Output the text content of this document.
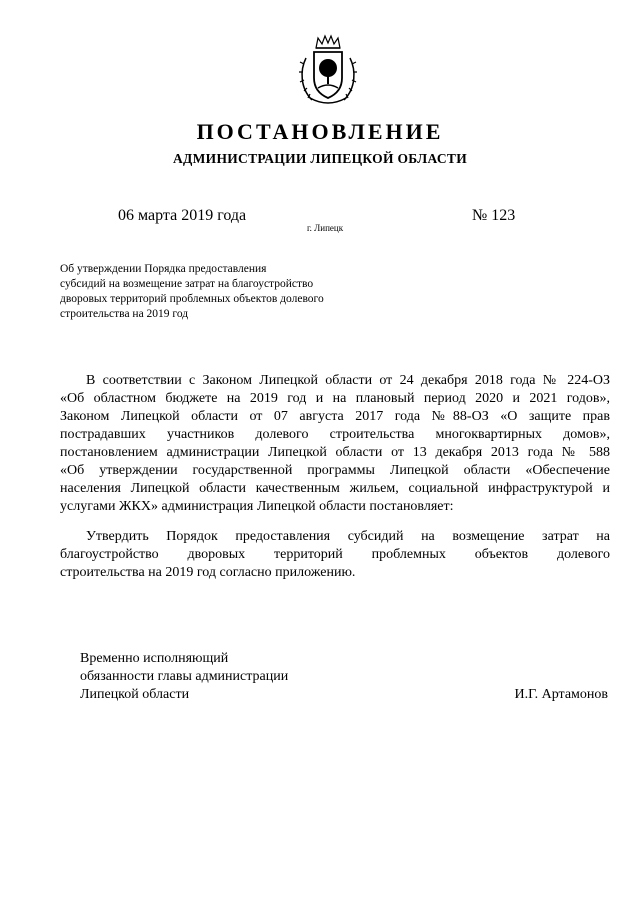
ПОСТАНОВЛЕНИЕ
АДМИНИСТРАЦИИ ЛИПЕЦКОЙ ОБЛАСТИ
06 марта 2019 года
г. Липецк
№ 123
Об утверждении Порядка предоставления
субсидий на возмещение затрат на благоустройство
дворовых территорий проблемных объектов долевого
строительства на 2019 год
В соответствии с Законом Липецкой области от 24 декабря 2018 года № 224-ОЗ
«Об областном бюджете на 2019 год и на плановый период 2020 и 2021 годов»,
Законом Липецкой области от 07 августа 2017 года №88-ОЗ «О защите прав
пострадавших участников долевого строительства многоквартирных домов»,
постановлением администрации Липецкой области от 13 декабря 2013 года № 588
«Об утверждении государственной программы Липецкой области «Обеспечение
населения Липецкой области качественным жильем, социальной инфраструктурой и
услугами ЖКХ» администрация Липецкой области постановляет:
Утвердить Порядок предоставления субсидий на возмещение затрат на
благоустройство дворовых территорий проблемных объектов долевого
строительства на 2019 год согласно приложению.
Временно исполняющий
обязанности главы администрации
Липецкой области	И.Г. Артамонов
